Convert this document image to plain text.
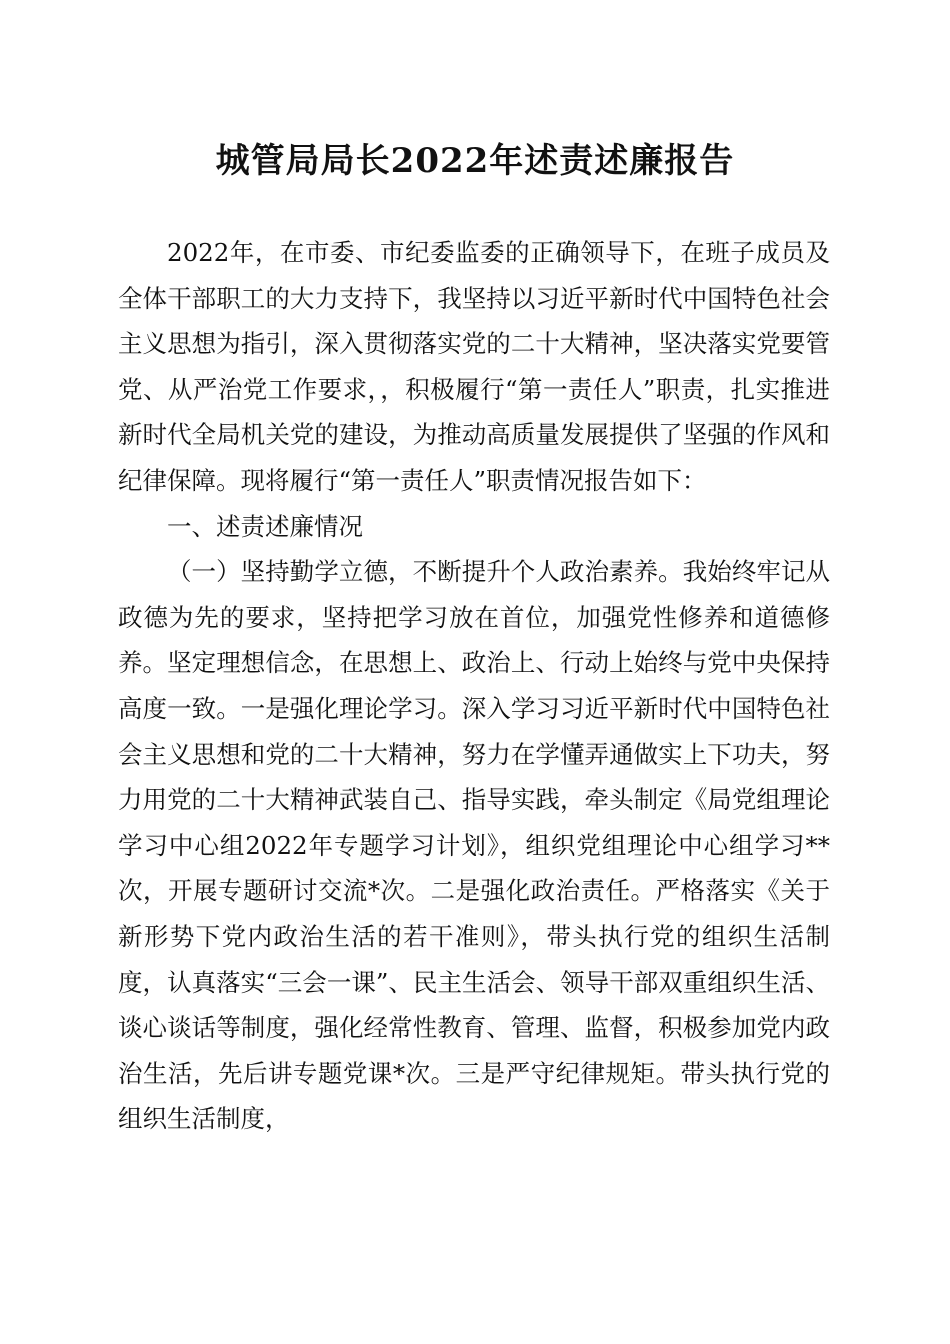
城管局局长2022年述责述廉报告

2022年，在市委、市纪委监委的正确领导下，在班子成员及全体干部职工的大力支持下，我坚持以习近平新时代中国特色社会主义思想为指引，深入贯彻落实党的二十大精神，坚决落实党要管党、从严治党工作要求，，积极履行“第一责任人”职责，扎实推进新时代全局机关党的建设，为推动高质量发展提供了坚强的作风和纪律保障。现将履行“第一责任人”职责情况报告如下：

一、述责述廉情况

（一）坚持勤学立德，不断提升个人政治素养。我始终牢记从政德为先的要求，坚持把学习放在首位，加强党性修养和道德修养。坚定理想信念，在思想上、政治上、行动上始终与党中央保持高度一致。一是强化理论学习。深入学习习近平新时代中国特色社会主义思想和党的二十大精神，努力在学懂弄通做实上下功夫，努力用党的二十大精神武装自己、指导实践，牵头制定《局党组理论学习中心组2022年专题学习计划》，组织党组理论中心组学习**次，开展专题研讨交流*次。二是强化政治责任。严格落实《关于新形势下党内政治生活的若干准则》，带头执行党的组织生活制度，认真落实“三会一课”、民主生活会、领导干部双重组织生活、谈心谈话等制度，强化经常性教育、管理、监督，积极参加党内政治生活，先后讲专题党课*次。三是严守纪律规矩。带头执行党的组织生活制度，
